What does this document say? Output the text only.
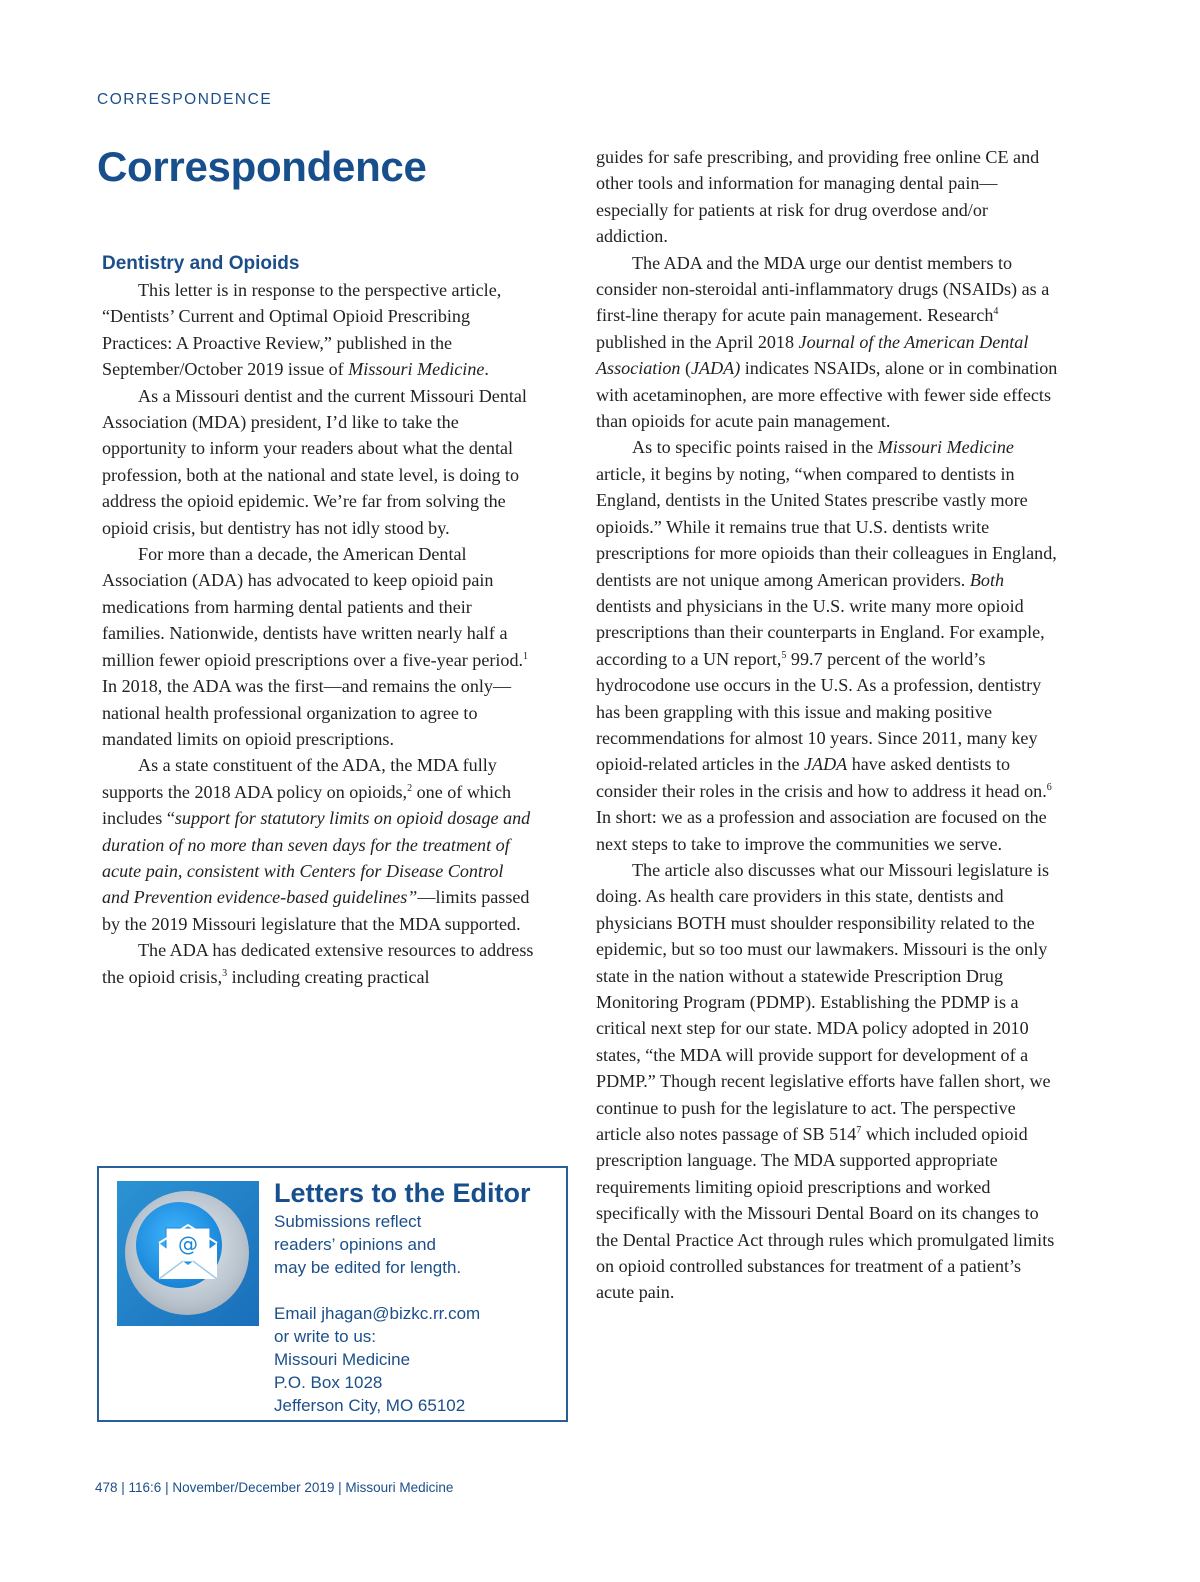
CORRESPONDENCE
Correspondence
Dentistry and Opioids

This letter is in response to the perspective article, “Dentists’ Current and Optimal Opioid Prescribing Practices: A Proactive Review,” published in the September/October 2019 issue of Missouri Medicine.

As a Missouri dentist and the current Missouri Dental Association (MDA) president, I’d like to take the opportunity to inform your readers about what the dental profession, both at the national and state level, is doing to address the opioid epidemic. We’re far from solving the opioid crisis, but dentistry has not idly stood by.

For more than a decade, the American Dental Association (ADA) has advocated to keep opioid pain medications from harming dental patients and their families. Nationwide, dentists have written nearly half a million fewer opioid prescriptions over a five-year period.$^1$ In 2018, the ADA was the first—and remains the only—national health professional organization to agree to mandated limits on opioid prescriptions.

As a state constituent of the ADA, the MDA fully supports the 2018 ADA policy on opioids,$^2$ one of which includes “support for statutory limits on opioid dosage and duration of no more than seven days for the treatment of acute pain, consistent with Centers for Disease Control and Prevention evidence-based guidelines”—limits passed by the 2019 Missouri legislature that the MDA supported.

The ADA has dedicated extensive resources to address the opioid crisis,$^3$ including creating practical

guides for safe prescribing, and providing free online CE and other tools and information for managing dental pain—especially for patients at risk for drug overdose and/or addiction.

The ADA and the MDA urge our dentist members to consider non-steroidal anti-inflammatory drugs (NSAIDs) as a first-line therapy for acute pain management. Research$^4$ published in the April 2018 Journal of the American Dental Association (JADA) indicates NSAIDs, alone or in combination with acetaminophen, are more effective with fewer side effects than opioids for acute pain management.

As to specific points raised in the Missouri Medicine article, it begins by noting, “when compared to dentists in England, dentists in the United States prescribe vastly more opioids.” While it remains true that U.S. dentists write prescriptions for more opioids than their colleagues in England, dentists are not unique among American providers. Both dentists and physicians in the U.S. write many more opioid prescriptions than their counterparts in England. For example, according to a UN report,$^5$ 99.7 percent of the world’s hydrocodone use occurs in the U.S. As a profession, dentistry has been grappling with this issue and making positive recommendations for almost 10 years. Since 2011, many key opioid-related articles in the JADA have asked dentists to consider their roles in the crisis and how to address it head on.$^6$ In short: we as a profession and association are focused on the next steps to take to improve the communities we serve.

The article also discusses what our Missouri legislature is doing. As health care providers in this state, dentists and physicians BOTH must shoulder responsibility related to the epidemic, but so too must our lawmakers. Missouri is the only state in the nation without a statewide Prescription Drug Monitoring Program (PDMP). Establishing the PDMP is a critical next step for our state. MDA policy adopted in 2010 states, “the MDA will provide support for development of a PDMP.” Though recent legislative efforts have fallen short, we continue to push for the legislature to act. The perspective article also notes passage of SB $514^7$ which included opioid prescription language. The MDA supported appropriate requirements limiting opioid prescriptions and worked specifically with the Missouri Dental Board on its changes to the Dental Practice Act through rules which promulgated limits on opioid controlled substances for treatment of a patient’s acute pain.

@
Letters to the Editor
Submissions reflect
readers’ opinions and
may be edited for length.
Email jhagan@bizkc.rr.com
or write to us:
Missouri Medicine
P.O. Box 1028
Jefferson City, MO 65102
478 | 116:6 | November/December 2019 | Missouri Medicine
